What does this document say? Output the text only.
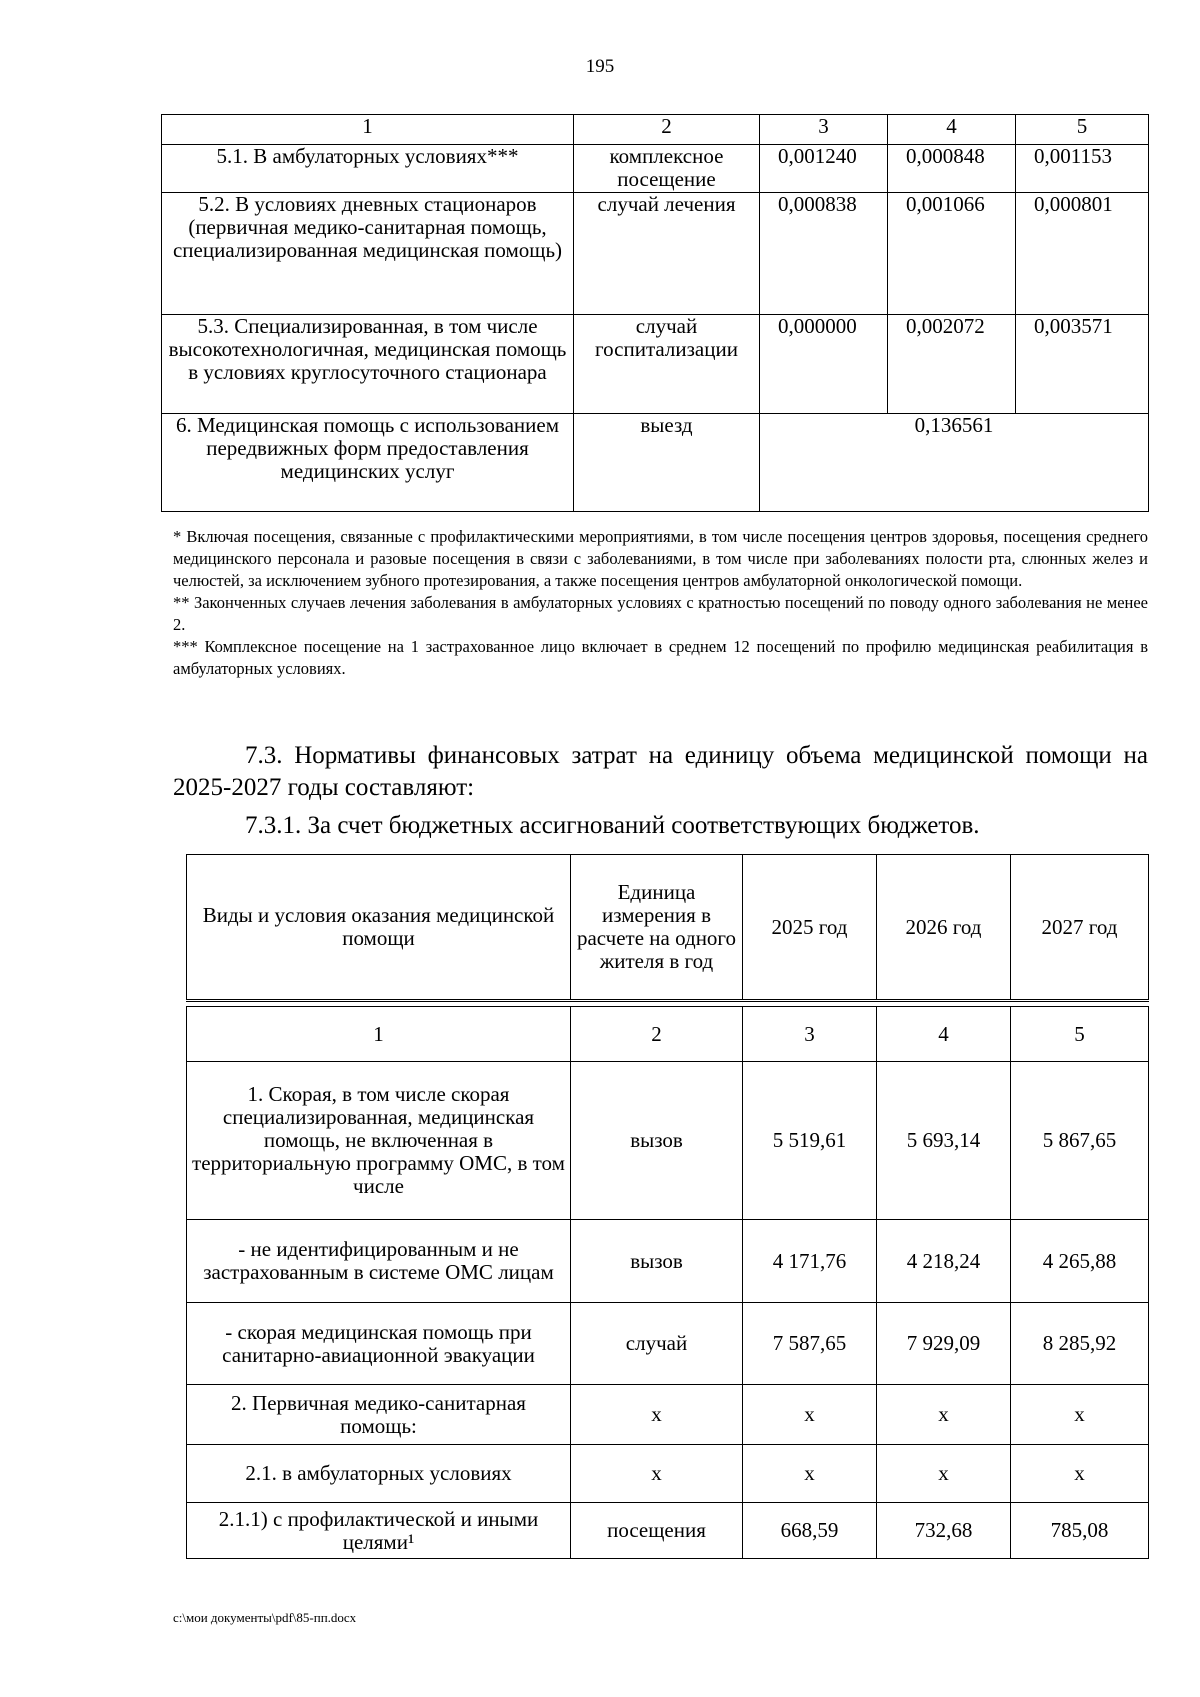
195
1	2	3	4	5
5.1. В амбулаторных условиях***	комплексное посещение	0,001240	0,000848	0,001153
5.2. В условиях дневных стационаров (первичная медико-санитарная помощь, специализированная медицинская помощь)	случай лечения	0,000838	0,001066	0,000801
5.3. Специализированная, в том числе высокотехнологичная, медицинская помощь в условиях круглосуточного стационара	случай госпитализации	0,000000	0,002072	0,003571
6. Медицинская помощь с использованием передвижных форм предоставления медицинских услуг	выезд	0,136561		

* Включая посещения, связанные с профилактическими мероприятиями, в том числе посещения центров здоровья, посещения среднего медицинского персонала и разовые посещения в связи с заболеваниями, в том числе при заболеваниях полости рта, слюнных желез и челюстей, за исключением зубного протезирования, а также посещения центров амбулаторной онкологической помощи.

** Законченных случаев лечения заболевания в амбулаторных условиях с кратностью посещений по поводу одного заболевания не менее 2.

*** Комплексное посещение на 1 застрахованное лицо включает в среднем 12 посещений по профилю медицинская реабилитация в амбулаторных условиях.

7.3. Нормативы финансовых затрат на единицу объема медицинской помощи на 2025-2027 годы составляют:

7.3.1. За счет бюджетных ассигнований соответствующих бюджетов.
Виды и условия оказания медицинской помощи	Единица измерения в расчете на одного жителя в год	2025 год	2026 год	2027 год

1	2	3	4	5
1. Скорая, в том числе скорая специализированная, медицинская помощь, не включенная в территориальную программу ОМС, в том числе	вызов	5 519,61	5 693,14	5 867,65
- не идентифицированным и не застрахованным в системе ОМС лицам	вызов	4 171,76	4 218,24	4 265,88
- скорая медицинская помощь при санитарно-авиационной эвакуации	случай	7 587,65	7 929,09	8 285,92
2. Первичная медико-санитарная помощь:	х	х	х	х
2.1. в амбулаторных условиях	х	х	х	х
2.1.1) с профилактической и иными целями¹	посещения	668,59	732,68	785,08
c:\мои документы\pdf\85-пп.docx
